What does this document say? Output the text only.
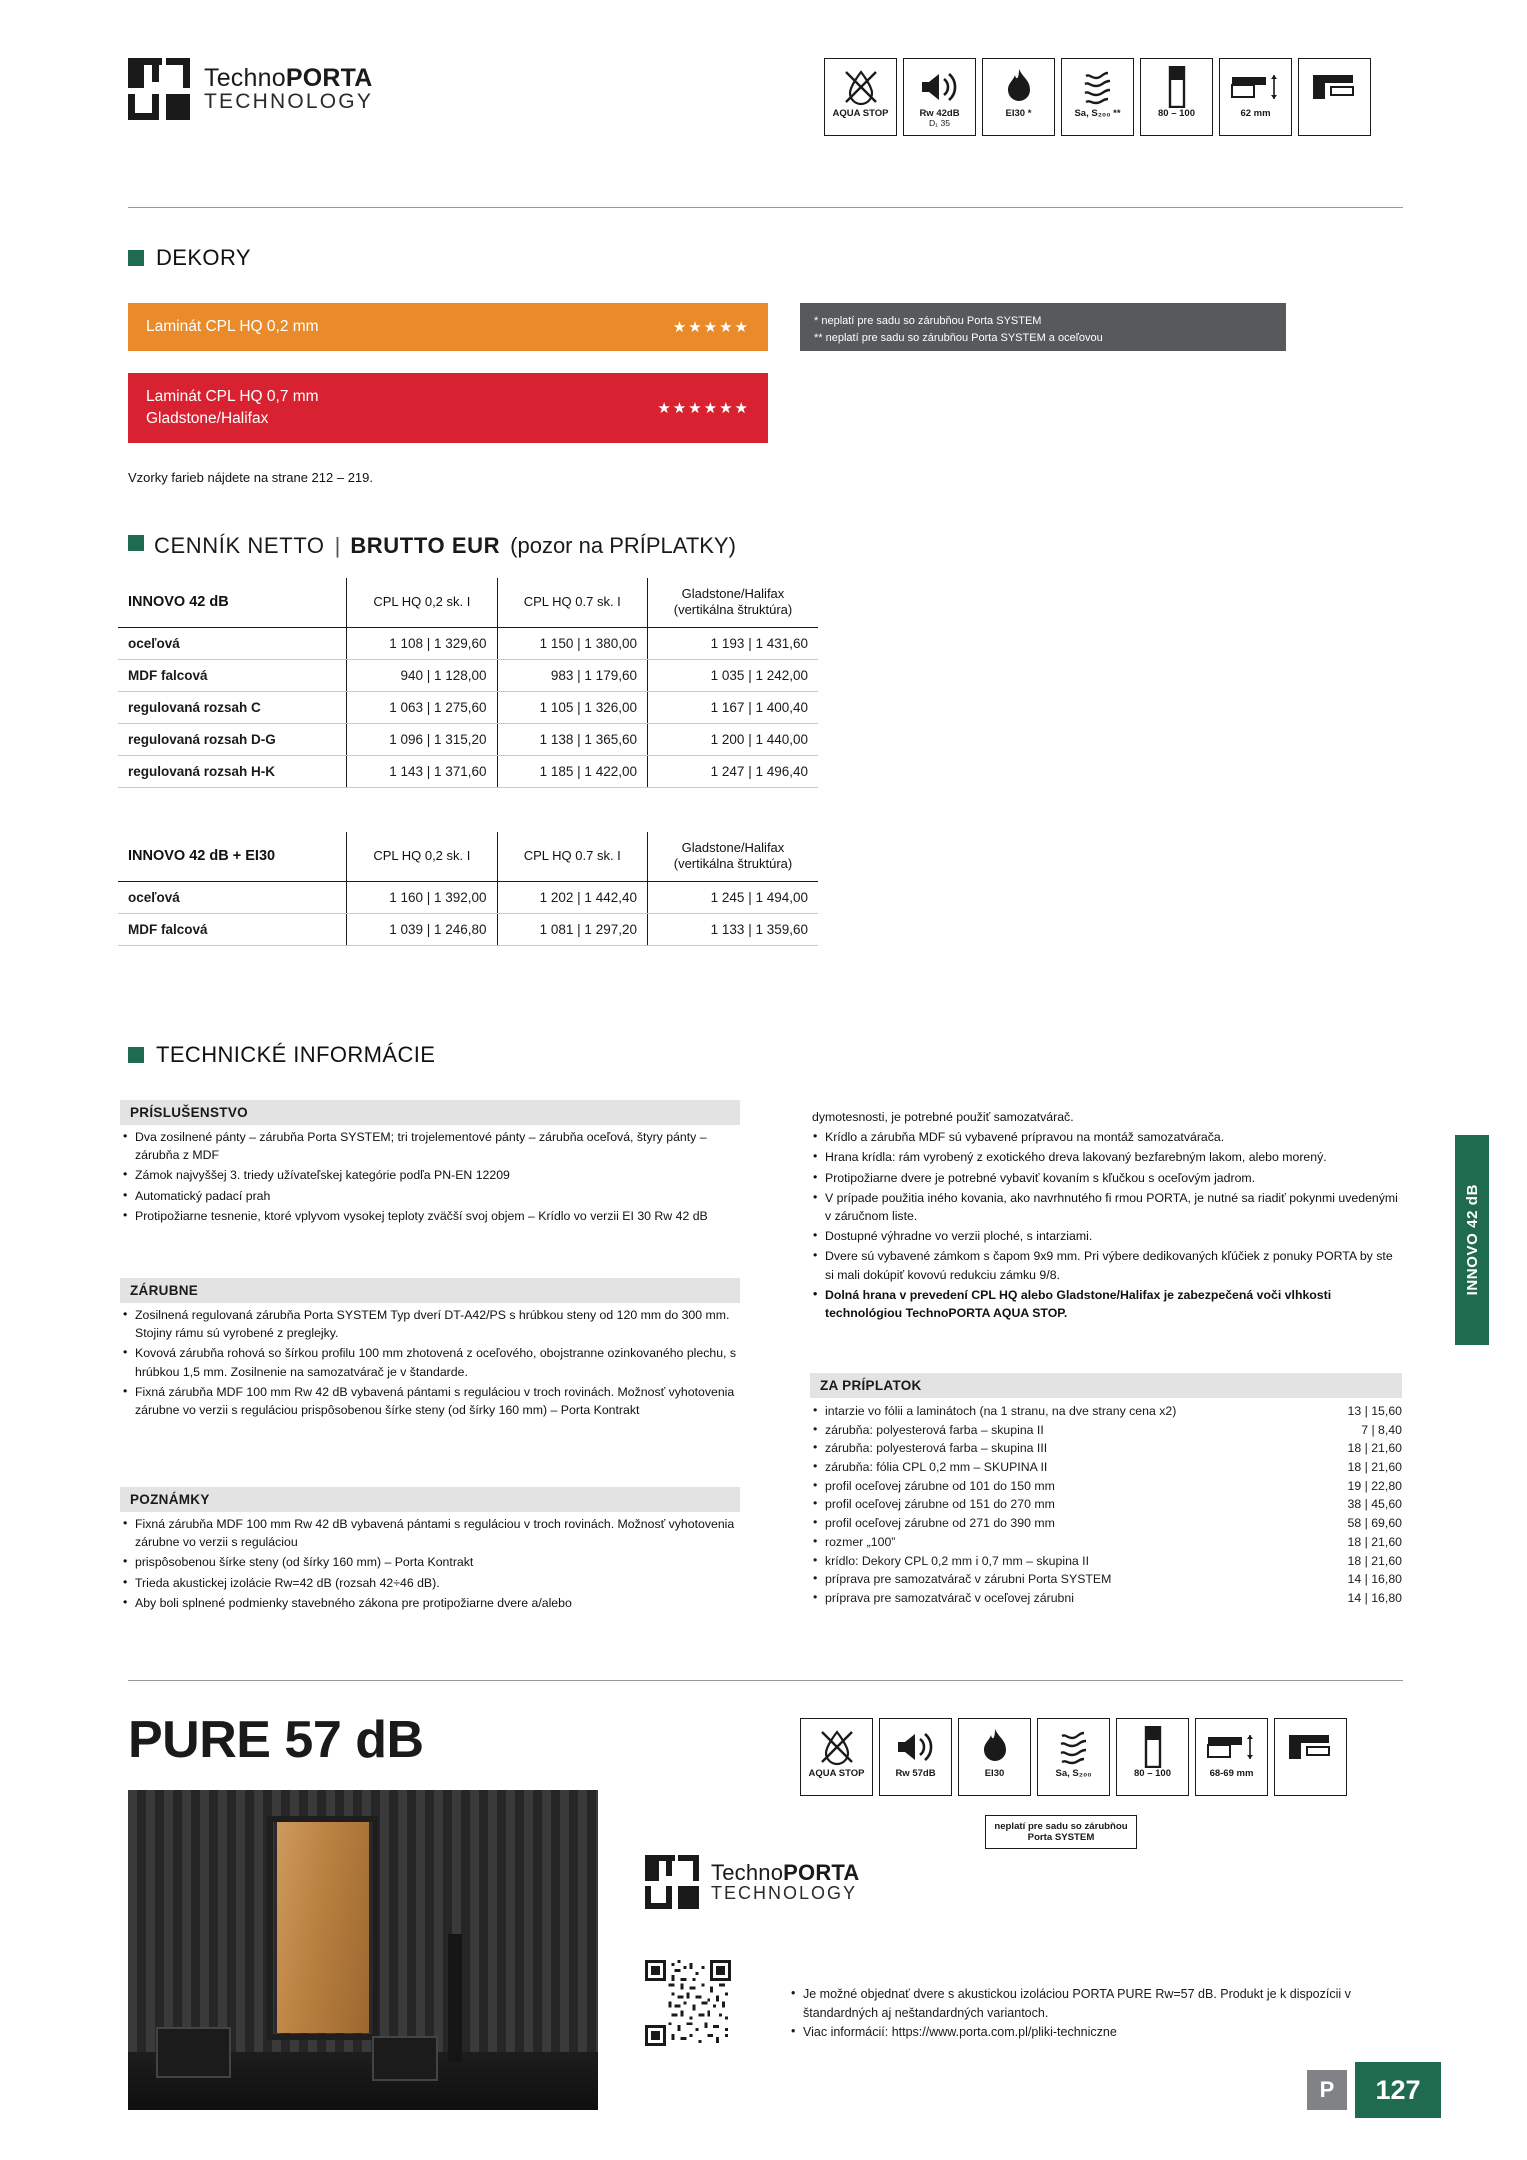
TechnoPORTA
TECHNOLOGY
AQUA STOP	Rw 42dB
D₁ 35
EI30 *	Sa, S₂₀₀ **	80 – 100	62 mm
DEKORY
Laminát CPL HQ 0,2 mm	★★★★★
Laminát CPL HQ 0,7 mm
Gladstone/Halifax
★★★★★★
* neplatí pre sadu so zárubňou Porta SYSTEM
** neplatí pre sadu so zárubňou Porta SYSTEM a oceľovou
Vzorky farieb nájdete na strane 212 – 219.
CENNÍK NETTO | BRUTTO EUR (pozor na PRÍPLATKY)
INNOVO 42 dB	CPL HQ 0,2 sk. I	CPL HQ 0.7 sk. I	Gladstone/Halifax
(vertikálna štruktúra)
oceľová	1 108 | 1 329,60	1 150 | 1 380,00	1 193 | 1 431,60
MDF falcová	940 | 1 128,00	983 | 1 179,60	1 035 | 1 242,00
regulovaná rozsah C	1 063 | 1 275,60	1 105 | 1 326,00	1 167 | 1 400,40
regulovaná rozsah D-G	1 096 | 1 315,20	1 138 | 1 365,60	1 200 | 1 440,00
regulovaná rozsah H-K	1 143 | 1 371,60	1 185 | 1 422,00	1 247 | 1 496,40
INNOVO 42 dB + EI30	CPL HQ 0,2 sk. I	CPL HQ 0.7 sk. I	Gladstone/Halifax
(vertikálna štruktúra)
oceľová	1 160 | 1 392,00	1 202 | 1 442,40	1 245 | 1 494,00
MDF falcová	1 039 | 1 246,80	1 081 | 1 297,20	1 133 | 1 359,60
TECHNICKÉ INFORMÁCIE
PRÍSLUŠENSTVO
• Dva zosilnené pánty – zárubňa Porta SYSTEM; tri trojelementové pánty – zárubňa oceľová, štyry pánty – zárubňa z MDF
• Zámok najvyššej 3. triedy užívateľskej kategórie podľa PN-EN 12209
• Automatický padací prah
• Protipožiarne tesnenie, ktoré vplyvom vysokej teploty zväčší svoj objem – Krídlo vo verzii EI 30 Rw 42 dB
ZÁRUBNE
• Zosilnená regulovaná zárubňa Porta SYSTEM Typ dverí DT-A42/PS s hrúbkou steny od 120 mm do 300 mm. Stojiny rámu sú vyrobené z preglejky.
• Kovová zárubňa rohová so šírkou profilu 100 mm zhotovená z oceľového, obojstranne ozinkovaného plechu, s hrúbkou 1,5 mm. Zosilnenie na samozatvárač je v štandarde.
• Fixná zárubňa MDF 100 mm Rw 42 dB vybavená pántami s reguláciou v troch rovinách. Možnosť vyhotovenia zárubne vo verzii s reguláciou prispôsobenou šírke steny (od šírky 160 mm) – Porta Kontrakt
POZNÁMKY
• Fixná zárubňa MDF 100 mm Rw 42 dB vybavená pántami s reguláciou v troch rovinách. Možnosť vyhotovenia zárubne vo verzii s reguláciou
• prispôsobenou šírke steny (od šírky 160 mm) – Porta Kontrakt
• Trieda akustickej izolácie Rw=42 dB (rozsah 42÷46 dB).
• Aby boli splnené podmienky stavebného zákona pre protipožiarne dvere a/alebo
dymotesnosti, je potrebné použiť samozatvárač.
• Krídlo a zárubňa MDF sú vybavené prípravou na montáž samozatvárača.
• Hrana krídla: rám vyrobený z exotického dreva lakovaný bezfarebným lakom, alebo morený.
• Protipožiarne dvere je potrebné vybaviť kovaním s kľučkou s oceľovým jadrom.
• V prípade použitia iného kovania, ako navrhnutého fi rmou PORTA, je nutné sa riadiť pokynmi uvedenými v záručnom liste.
• Dostupné výhradne vo verzii ploché, s intarziami.
• Dvere sú vybavené zámkom s čapom 9x9 mm. Pri výbere dedikovaných kľúčiek z ponuky PORTA by ste si mali dokúpiť kovovú redukciu zámku 9/8.
• Dolná hrana v prevedení CPL HQ alebo Gladstone/Halifax je zabezpečená voči vlhkosti technológiou TechnoPORTA AQUA STOP.
ZA PRÍPLATOK
• intarzie vo fólii a laminátoch (na 1 stranu, na dve strany cena x2)	13 | 15,60
• zárubňa: polyesterová farba – skupina II	7 | 8,40
• zárubňa: polyesterová farba – skupina III	18 | 21,60
• zárubňa: fólia CPL 0,2 mm – SKUPINA II	18 | 21,60
• profil oceľovej zárubne od 101 do 150 mm	19 | 22,80
• profil oceľovej zárubne od 151 do 270 mm	38 | 45,60
• profil oceľovej zárubne od 271 do 390 mm	58 | 69,60
• rozmer „100”	18 | 21,60
• krídlo: Dekory CPL 0,2 mm i 0,7 mm – skupina II	18 | 21,60
• príprava pre samozatvárač v zárubni Porta SYSTEM	14 | 16,80
• príprava pre samozatvárač v oceľovej zárubni	14 | 16,80
INNOVO 42 dB
PURE 57 dB
AQUA STOP	Rw 57dB	EI30	Sa, S₂₀₀	80 – 100	68-69 mm
neplatí pre sadu so zárubňou Porta SYSTEM
TechnoPORTA
TECHNOLOGY
• Je možné objednať dvere s akustickou izoláciou PORTA PURE Rw=57 dB. Produkt je k dispozícii v štandardných aj neštandardných variantoch.
• Viac informácií: https://www.porta.com.pl/pliki-techniczne
P	127
